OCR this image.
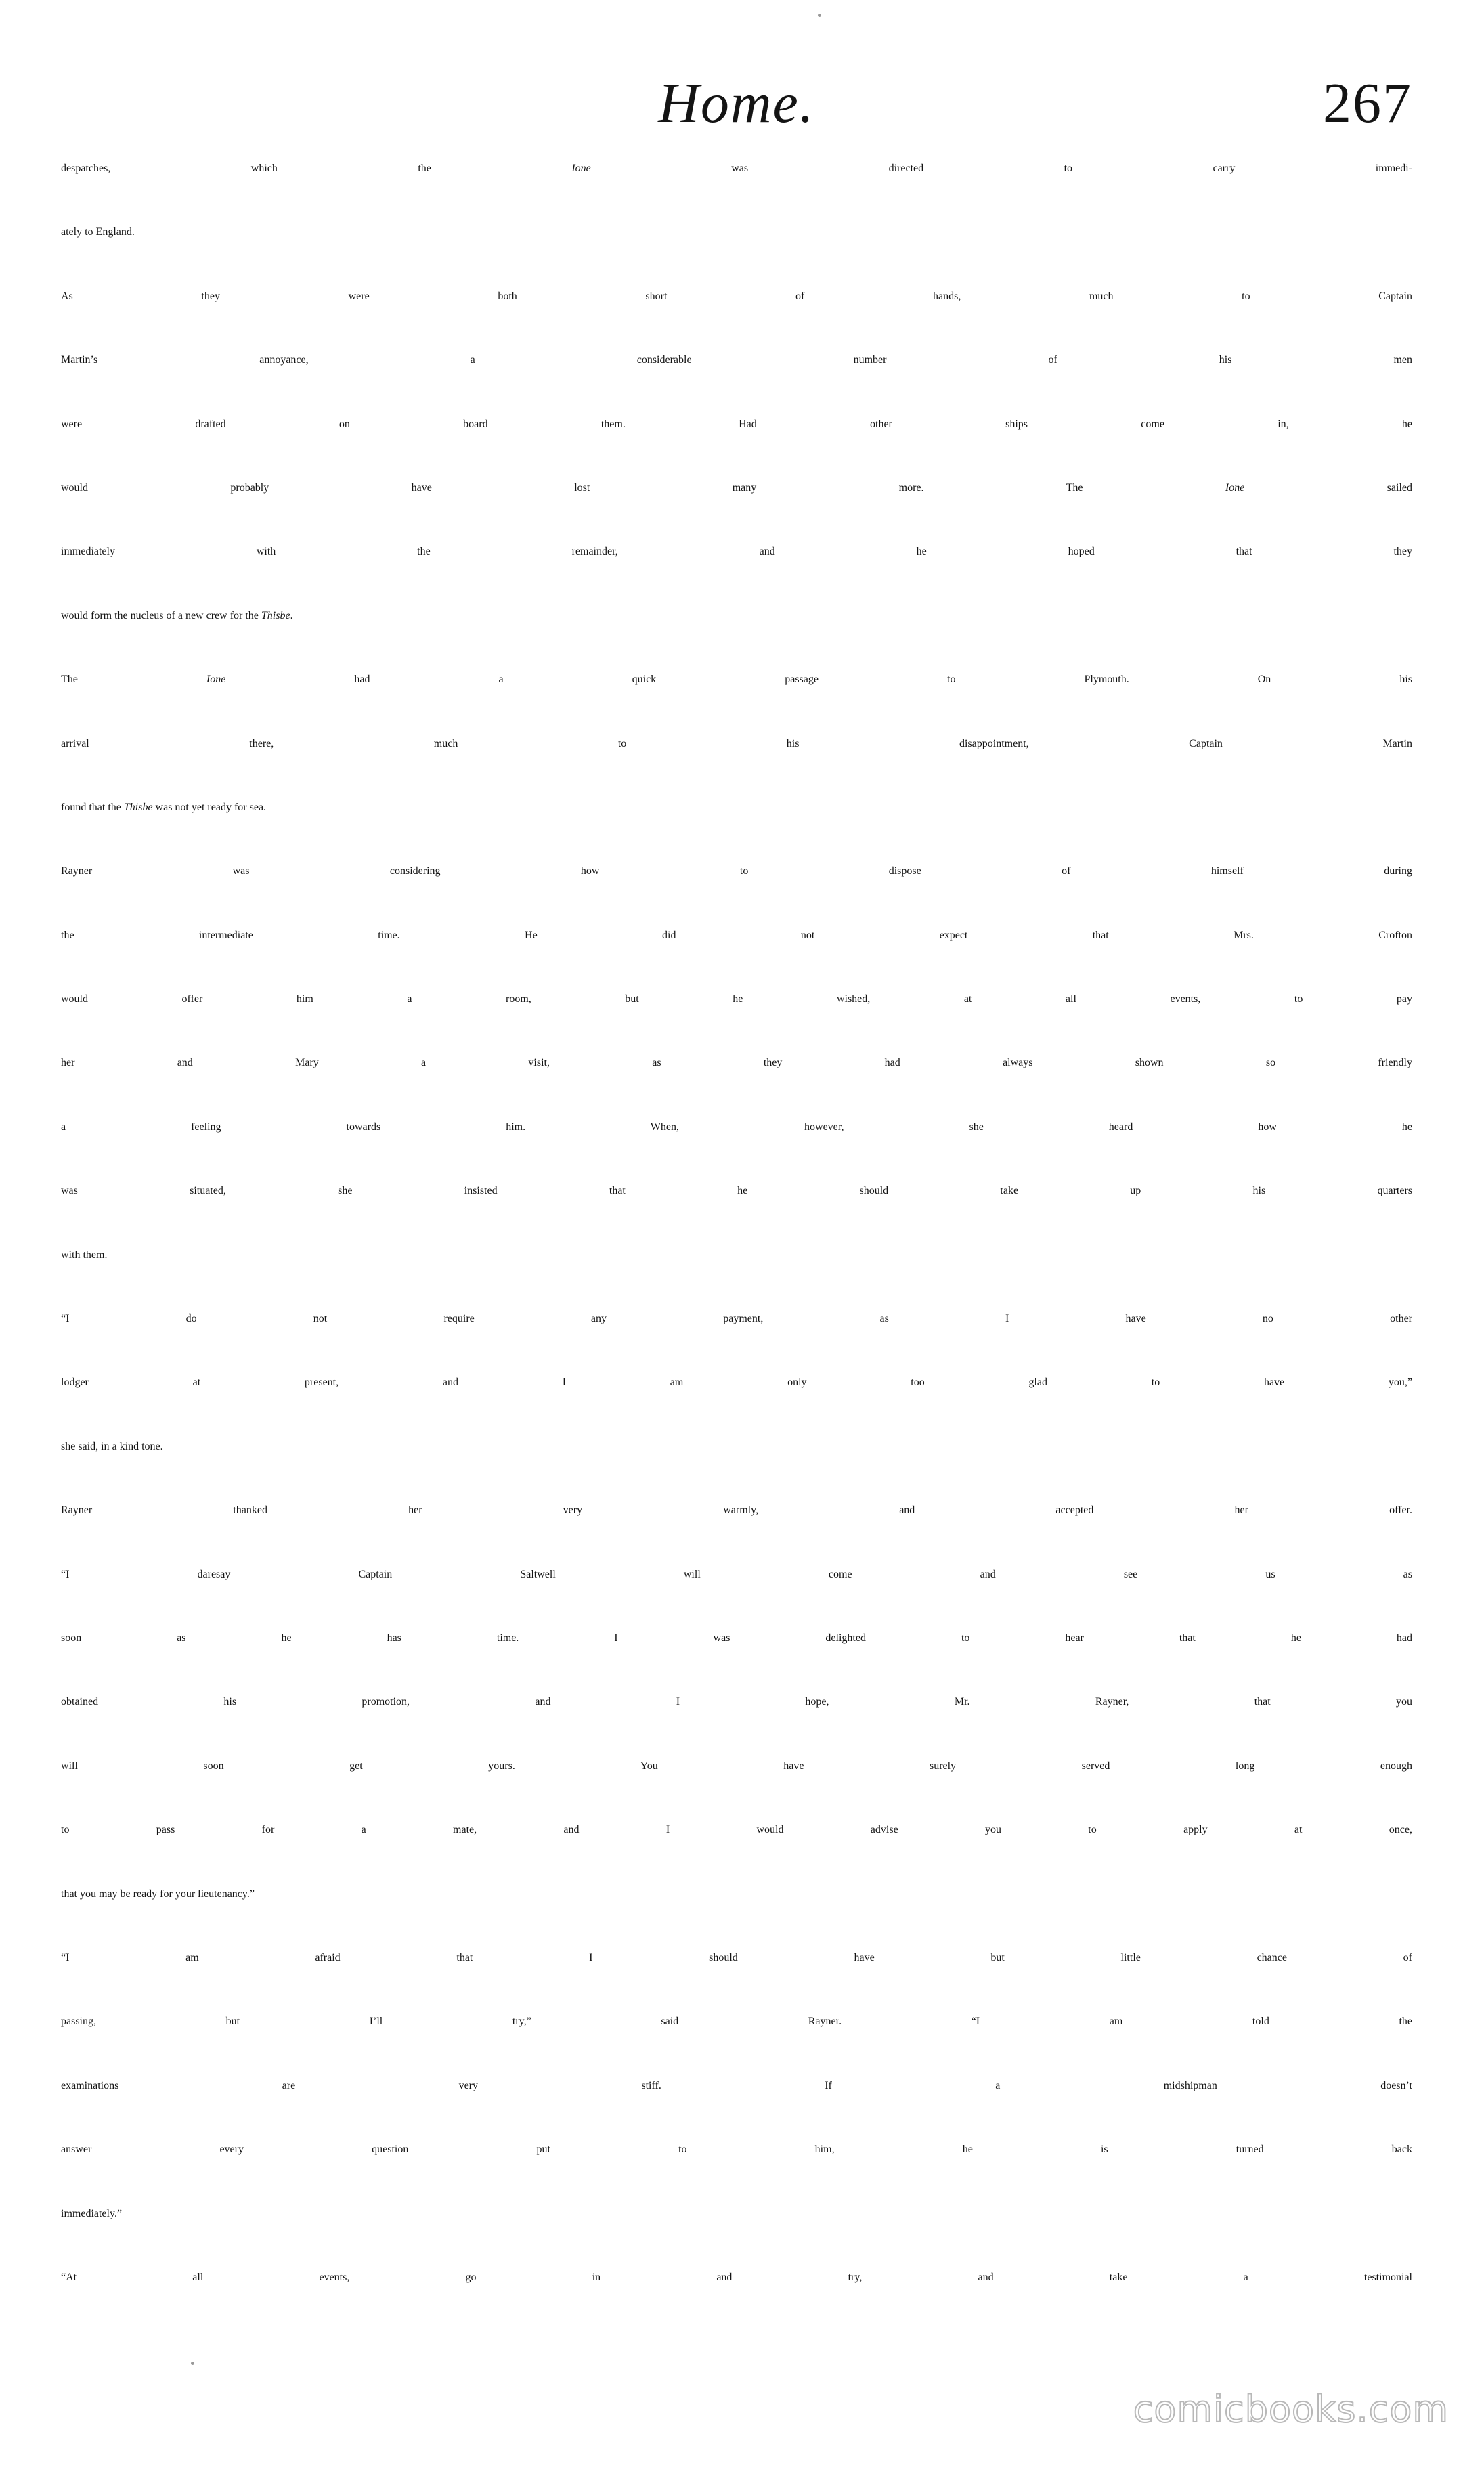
Home.	267
despatches, which the Ione was directed to carry immedi-
ately to England.
As they were both short of hands, much to Captain
Martin’s annoyance, a considerable number of his men
were drafted on board them. Had other ships come in, he
would probably have lost many more. The Ione sailed
immediately with the remainder, and he hoped that they
would form the nucleus of a new crew for the Thisbe.
The Ione had a quick passage to Plymouth. On his
arrival there, much to his disappointment, Captain Martin
found that the Thisbe was not yet ready for sea.
Rayner was considering how to dispose of himself during
the intermediate time. He did not expect that Mrs. Crofton
would offer him a room, but he wished, at all events, to pay
her and Mary a visit, as they had always shown so friendly
a feeling towards him. When, however, she heard how he
was situated, she insisted that he should take up his quarters
with them.
“I do not require any payment, as I have no other
lodger at present, and I am only too glad to have you,”
she said, in a kind tone.
Rayner thanked her very warmly, and accepted her offer.
“I daresay Captain Saltwell will come and see us as
soon as he has time. I was delighted to hear that he had
obtained his promotion, and I hope, Mr. Rayner, that you
will soon get yours. You have surely served long enough
to pass for a mate, and I would advise you to apply at once,
that you may be ready for your lieutenancy.”
“I am afraid that I should have but little chance of
passing, but I’ll try,” said Rayner. “I am told the
examinations are very stiff. If a midshipman doesn’t
answer every question put to him, he is turned back
immediately.”
“At all events, go in and try, and take a testimonial
comicbooks.com
